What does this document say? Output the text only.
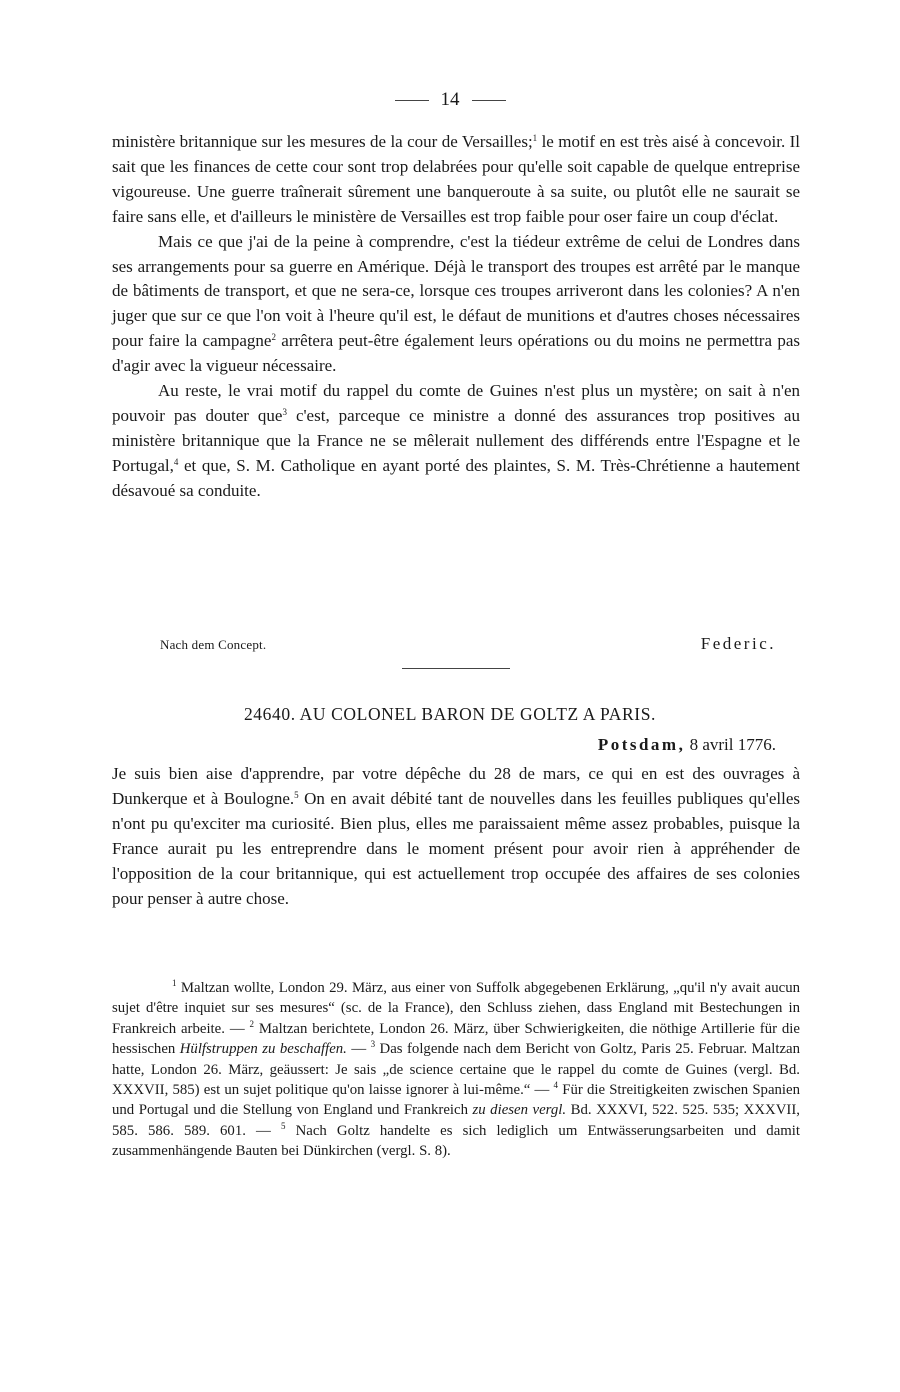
14

ministère britannique sur les mesures de la cour de Versailles;$^1$ le motif en est très aisé à concevoir. Il sait que les finances de cette cour sont trop delabrées pour qu'elle soit capable de quelque entreprise vigoureuse. Une guerre traînerait sûrement une banqueroute à sa suite, ou plutôt elle ne saurait se faire sans elle, et d'ailleurs le ministère de Versailles est trop faible pour oser faire un coup d'éclat.

Mais ce que j'ai de la peine à comprendre, c'est la tiédeur extrême de celui de Londres dans ses arrangements pour sa guerre en Amérique. Déjà le transport des troupes est arrêté par le manque de bâtiments de transport, et que ne sera-ce, lorsque ces troupes arriveront dans les colonies? A n'en juger que sur ce que l'on voit à l'heure qu'il est, le défaut de munitions et d'autres choses nécessaires pour faire la campagne$^2$ arrêtera peut-être également leurs opérations ou du moins ne permettra pas d'agir avec la vigueur nécessaire.

Au reste, le vrai motif du rappel du comte de Guines n'est plus un mystère; on sait à n'en pouvoir pas douter que$^3$ c'est, parceque ce ministre a donné des assurances trop positives au ministère britannique que la France ne se mêlerait nullement des différends entre l'Espagne et le Portugal,$^4$ et que, S. M. Catholique en ayant porté des plaintes, S. M. Très-Chrétienne a hautement désavoué sa conduite.

Nach dem Concept.	Federic.
24640. AU COLONEL BARON DE GOLTZ A PARIS.
Potsdam, 8 avril 1776.

Je suis bien aise d'apprendre, par votre dépêche du 28 de mars, ce qui en est des ouvrages à Dunkerque et à Boulogne.$^5$ On en avait débité tant de nouvelles dans les feuilles publiques qu'elles n'ont pu qu'exciter ma curiosité. Bien plus, elles me paraissaient même assez probables, puisque la France aurait pu les entreprendre dans le moment présent pour avoir rien à appréhender de l'opposition de la cour britannique, qui est actuellement trop occupée des affaires de ses colonies pour penser à autre chose.

$^1$ Maltzan wollte, London 29. März, aus einer von Suffolk abgegebenen Erklärung, „qu'il n'y avait aucun sujet d'être inquiet sur ses mesures“ (sc. de la France), den Schluss ziehen, dass England mit Bestechungen in Frankreich arbeite. — $^2$ Maltzan berichtete, London 26. März, über Schwierigkeiten, die nöthige Artillerie für die hessischen Hülfstruppen zu beschaffen. — $^3$ Das folgende nach dem Bericht von Goltz, Paris 25. Februar. Maltzan hatte, London 26. März, geäussert: Je sais „de science certaine que le rappel du comte de Guines (vergl. Bd. XXXVII, 585) est un sujet politique qu'on laisse ignorer à lui-même.“ — $^4$ Für die Streitigkeiten zwischen Spanien und Portugal und die Stellung von England und Frankreich zu diesen vergl. Bd. XXXVI, 522. 525. 535; XXXVII, 585. 586. 589. 601. — $^5$ Nach Goltz handelte es sich lediglich um Entwässerungsarbeiten und damit zusammenhängende Bauten bei Dünkirchen (vergl. S. 8).
